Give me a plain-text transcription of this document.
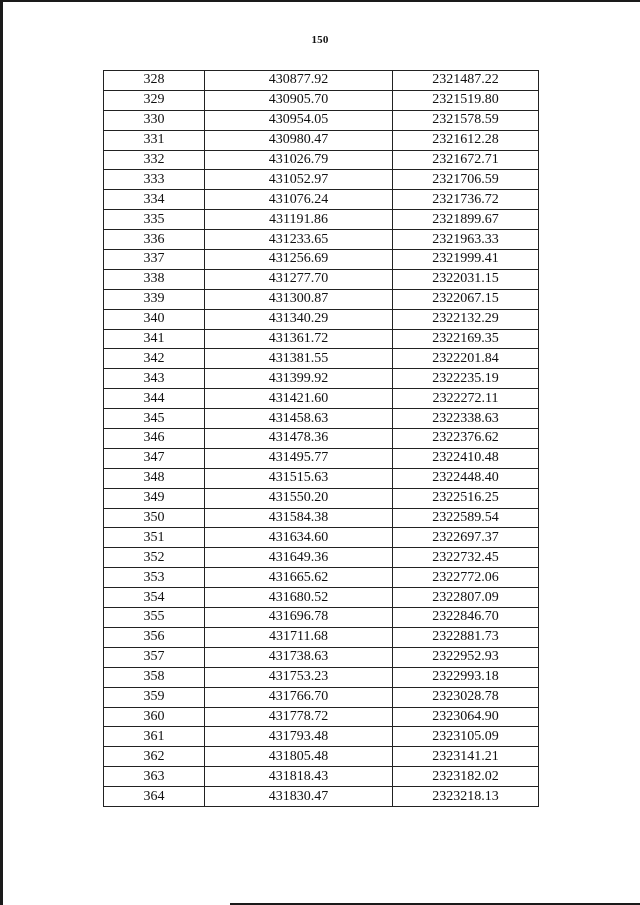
150
328	430877.92	2321487.22
329	430905.70	2321519.80
330	430954.05	2321578.59
331	430980.47	2321612.28
332	431026.79	2321672.71
333	431052.97	2321706.59
334	431076.24	2321736.72
335	431191.86	2321899.67
336	431233.65	2321963.33
337	431256.69	2321999.41
338	431277.70	2322031.15
339	431300.87	2322067.15
340	431340.29	2322132.29
341	431361.72	2322169.35
342	431381.55	2322201.84
343	431399.92	2322235.19
344	431421.60	2322272.11
345	431458.63	2322338.63
346	431478.36	2322376.62
347	431495.77	2322410.48
348	431515.63	2322448.40
349	431550.20	2322516.25
350	431584.38	2322589.54
351	431634.60	2322697.37
352	431649.36	2322732.45
353	431665.62	2322772.06
354	431680.52	2322807.09
355	431696.78	2322846.70
356	431711.68	2322881.73
357	431738.63	2322952.93
358	431753.23	2322993.18
359	431766.70	2323028.78
360	431778.72	2323064.90
361	431793.48	2323105.09
362	431805.48	2323141.21
363	431818.43	2323182.02
364	431830.47	2323218.13
